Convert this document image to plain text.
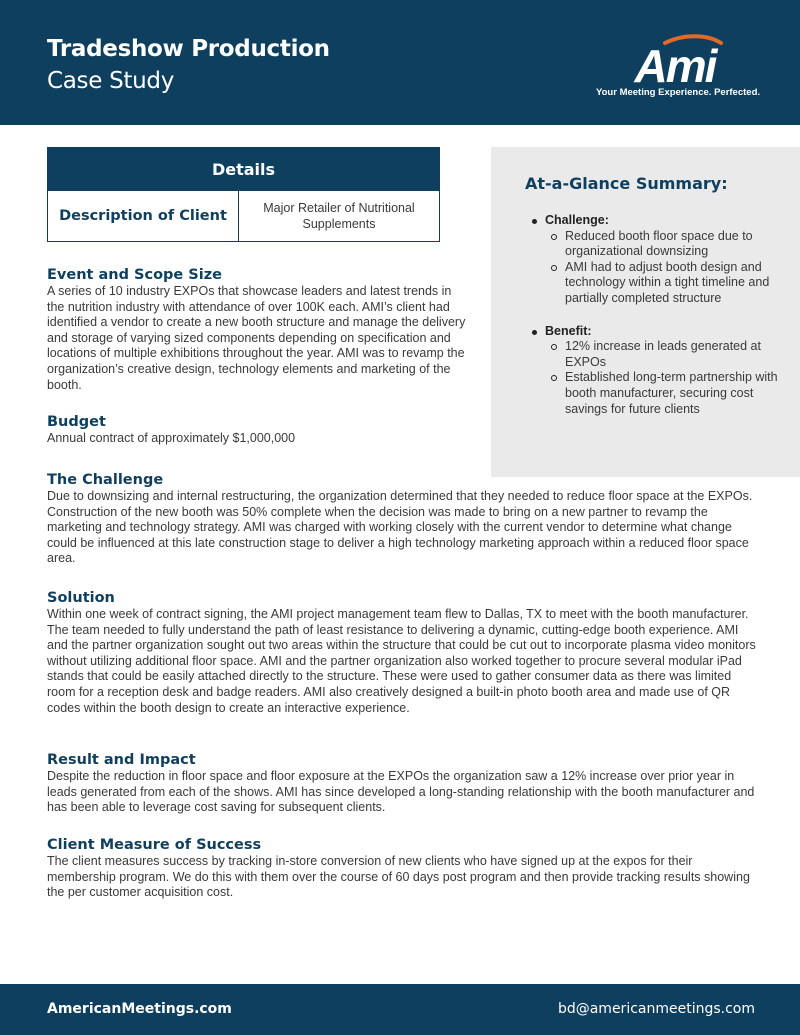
Tradeshow Production
Case Study	Ami
Your Meeting Experience. Perfected.
Details
Description of Client	Major Retailer of Nutritional Supplements
At-a-Glance Summary:
Challenge:
Reduced booth floor space due to organizational downsizing
AMI had to adjust booth design and technology within a tight timeline and partially completed structure
Benefit:
12% increase in leads generated at EXPOs
Established long-term partnership with booth manufacturer, securing cost savings for future clients
Event and Scope Size
A series of 10 industry EXPOs that showcase leaders and latest trends in the nutrition industry with attendance of over 100K each. AMI’s client had identified a vendor to create a new booth structure and manage the delivery and storage of varying sized components depending on specification and locations of multiple exhibitions throughout the year. AMI was to revamp the organization’s creative design, technology elements and marketing of the booth.
Budget
Annual contract of approximately $1,000,000
The Challenge
Due to downsizing and internal restructuring, the organization determined that they needed to reduce floor space at the EXPOs. Construction of the new booth was 50% complete when the decision was made to bring on a new partner to revamp the marketing and technology strategy. AMI was charged with working closely with the current vendor to determine what change could be influenced at this late construction stage to deliver a high technology marketing approach within a reduced floor space area.
Solution
Within one week of contract signing, the AMI project management team flew to Dallas, TX to meet with the booth manufacturer. The team needed to fully understand the path of least resistance to delivering a dynamic, cutting-edge booth experience. AMI and the partner organization sought out two areas within the structure that could be cut out to incorporate plasma video monitors without utilizing additional floor space. AMI and the partner organization also worked together to procure several modular iPad stands that could be easily attached directly to the structure. These were used to gather consumer data as there was limited room for a reception desk and badge readers. AMI also creatively designed a built-in photo booth area and made use of QR codes within the booth design to create an interactive experience.
Result and Impact
Despite the reduction in floor space and floor exposure at the EXPOs the organization saw a 12% increase over prior year in leads generated from each of the shows. AMI has since developed a long-standing relationship with the booth manufacturer and has been able to leverage cost saving for subsequent clients.
Client Measure of Success
The client measures success by tracking in-store conversion of new clients who have signed up at the expos for their membership program. We do this with them over the course of 60 days post program and then provide tracking results showing the per customer acquisition cost.
AmericanMeetings.com	bd@americanmeetings.com
